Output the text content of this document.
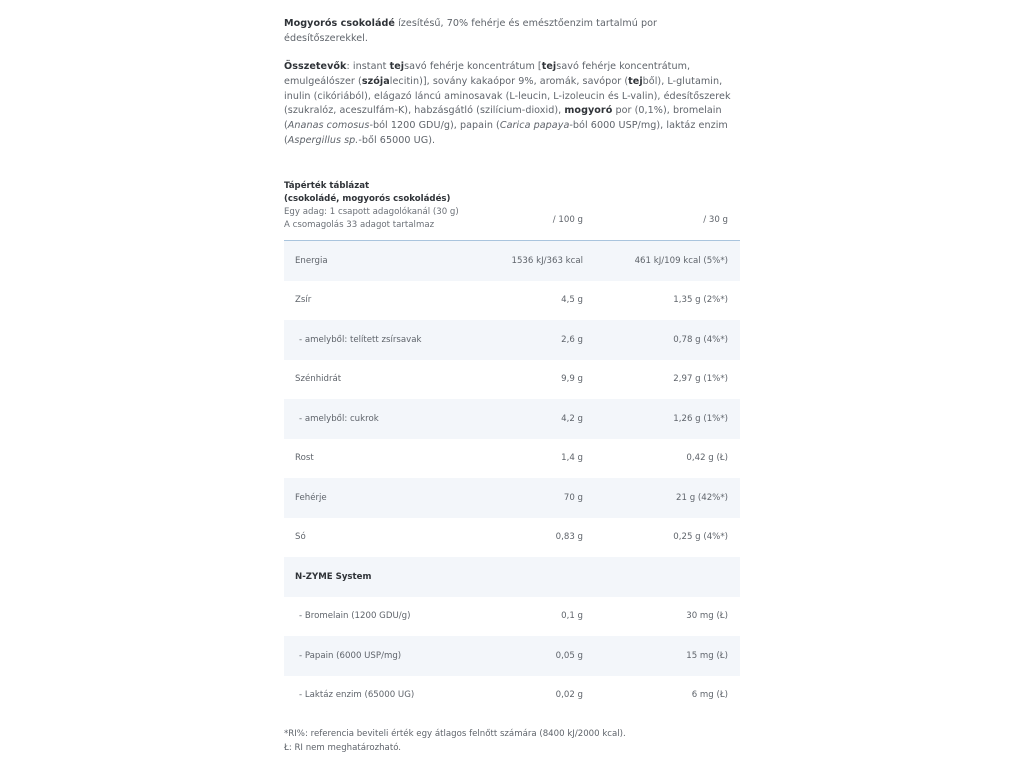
Mogyorós csokoládé ízesítésű, 70% fehérje és emésztőenzim tartalmú por édesítőszerekkel.
Összetevők: instant tejsavó fehérje koncentrátum [tejsavó fehérje koncentrátum, emulgeálószer (szójalecitin)], sovány kakaópor 9%, aromák, savópor (tejből), L-glutamin, inulin (cikóriából), elágazó láncú aminosavak (L-leucin, L-izoleucin és L-valin), édesítőszerek (szukralóz, aceszulfám-K), habzásgátló (szilícium-dioxid), mogyoró por (0,1%), bromelain (Ananas comosus-ból 1200 GDU/g), papain (Carica papaya-ból 6000 USP/mg), laktáz enzim (Aspergillus sp.-ből 65000 UG).
Tápérték táblázat
(csokoládé, mogyorós csokoládés)
Egy adag: 1 csapott adagolókanál (30 g)
A csomagolás 33 adagot tartalmaz	/ 100 g	/ 30 g
Energia	1536 kJ/363 kcal	461 kJ/109 kcal (5%*)
Zsír	4,5 g	1,35 g (2%*)
- amelyből: telített zsírsavak	2,6 g	0,78 g (4%*)
Szénhidrát	9,9 g	2,97 g (1%*)
- amelyből: cukrok	4,2 g	1,26 g (1%*)
Rost	1,4 g	0,42 g (Ł)
Fehérje	70 g	21 g (42%*)
Só	0,83 g	0,25 g (4%*)
N-ZYME System
- Bromelain (1200 GDU/g)	0,1 g	30 mg (Ł)
- Papain (6000 USP/mg)	0,05 g	15 mg (Ł)
- Laktáz enzim (65000 UG)	0,02 g	6 mg (Ł)
*RI%: referencia beviteli érték egy átlagos felnőtt számára (8400 kJ/2000 kcal).
Ł: RI nem meghatározható.
